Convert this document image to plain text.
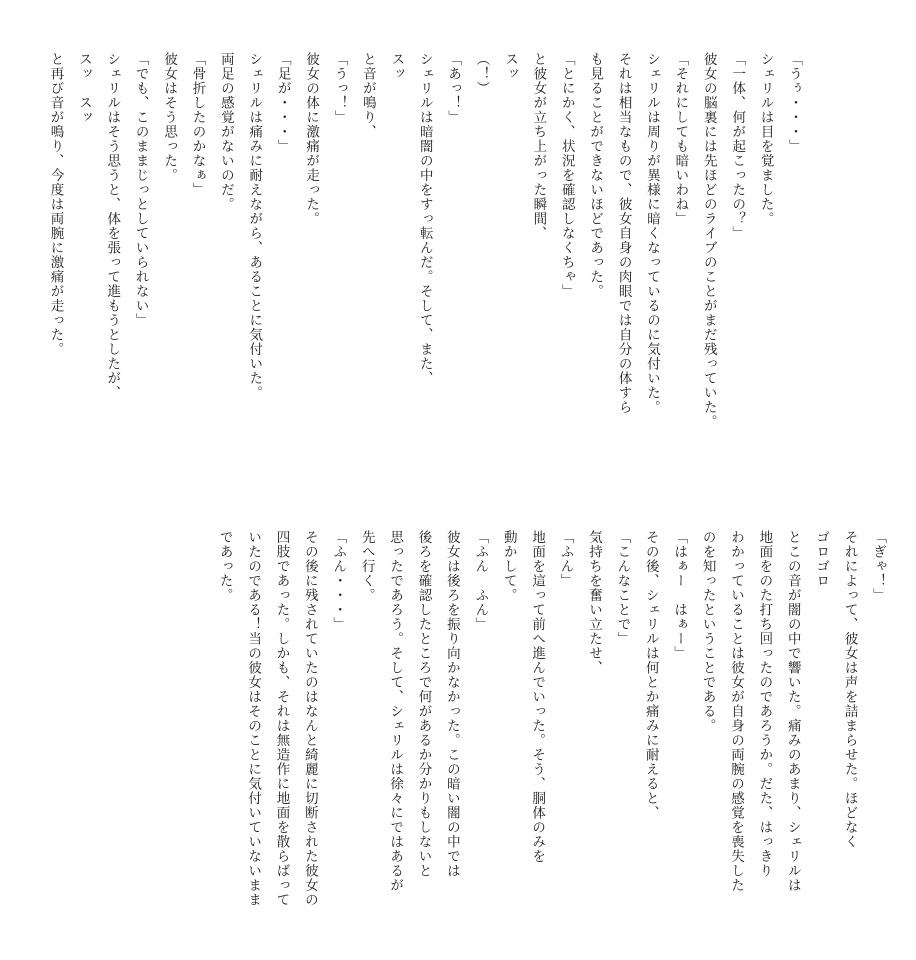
「うぅ・・・」
シェリルは目を覚ました。
「一体、何が起こったの？」
彼女の脳裏には先ほどのライブのことがまだ残っていた。
「それにしても暗いわね」
シェリルは周りが異様に暗くなっているのに気付いた。
それは相当なもので、彼女自身の肉眼では自分の体すら
も見ることができないほどであった。
「とにかく、状況を確認しなくちゃ」
と彼女が立ち上がった瞬間、
スッ
（！）
「あっ！」
シェリルは暗闇の中をすっ転んだ。そして、また、
スッ
と音が鳴り、
「うっ！」
彼女の体に激痛が走った。
「足が・・・」
シェリルは痛みに耐えながら、あることに気付いた。
両足の感覚がないのだ。
「骨折したのかなぁ」
彼女はそう思った。
「でも、このままじっとしていられない」
シェリルはそう思うと、体を張って進もうとしたが、
スッ　スッ
と再び音が鳴り、今度は両腕に激痛が走った。
「ぎゃ！」
それによって、彼女は声を詰まらせた。ほどなく
ゴロゴロ
とこの音が闇の中で響いた。痛みのあまり、シェリルは
地面をのた打ち回ったのであろうか。だた、はっきり
わかっていることは彼女が自身の両腕の感覚を喪失した
のを知ったということである。
「はぁー　はぁー」
その後、シェリルは何とか痛みに耐えると、
「こんなことで」
気持ちを奮い立たせ、
「ふん」
地面を這って前へ進んでいった。そう、胴体のみを
動かして。
「ふん　ふん」
彼女は後ろを振り向かなかった。この暗い闇の中では
後ろを確認したところで何があるか分かりもしないと
思ったであろう。そして、シェリルは徐々にではあるが
先へ行く。
「ふん・・・」
その後に残されていたのはなんと綺麗に切断された彼女の
四肢であった。しかも、それは無造作に地面を散らばって
いたのである！当の彼女はそのことに気付いていないまま
であった。
